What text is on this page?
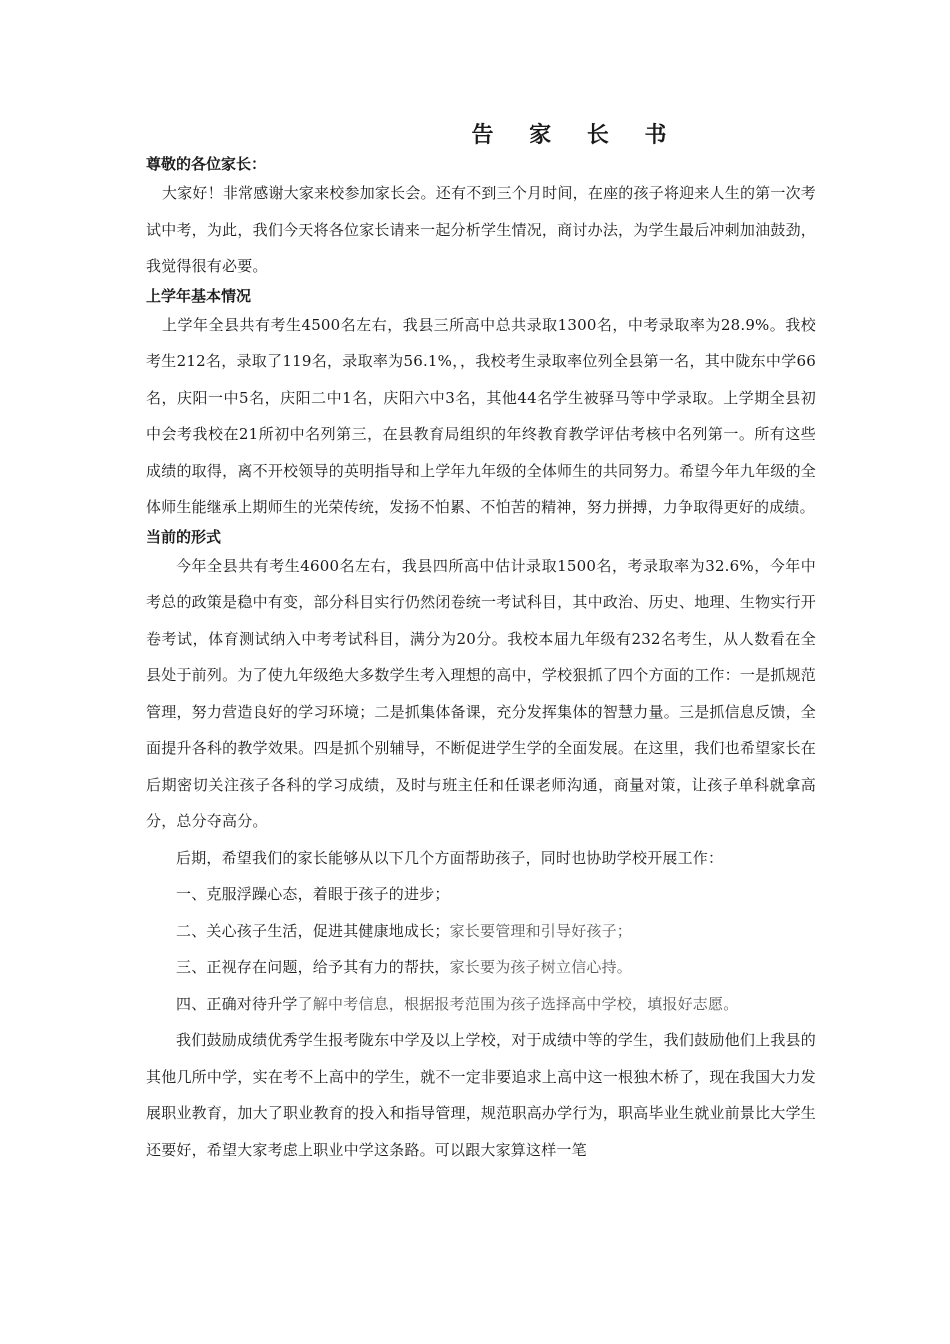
告 家 长 书

尊敬的各位家长：

大家好！非常感谢大家来校参加家长会。还有不到三个月时间，在座的孩子将迎来人生的第一次考试中考，为此，我们今天将各位家长请来一起分析学生情况，商讨办法，为学生最后冲刺加油鼓劲，我觉得很有必要。

上学年基本情况

上学年全县共有考生4500名左右，我县三所高中总共录取1300名，中考录取率为28.9%。我校考生212名，录取了119名，录取率为56.1%，，我校考生录取率位列全县第一名，其中陇东中学66名，庆阳一中5名，庆阳二中1名，庆阳六中3名，其他44名学生被驿马等中学录取。上学期全县初中会考我校在21所初中名列第三，在县教育局组织的年终教育教学评估考核中名列第一。所有这些成绩的取得，离不开校领导的英明指导和上学年九年级的全体师生的共同努力。希望今年九年级的全体师生能继承上期师生的光荣传统，发扬不怕累、不怕苦的精神，努力拼搏，力争取得更好的成绩。

当前的形式

今年全县共有考生4600名左右，我县四所高中估计录取1500名，考录取率为32.6%，今年中考总的政策是稳中有变，部分科目实行仍然闭卷统一考试科目，其中政治、历史、地理、生物实行开卷考试，体育测试纳入中考考试科目，满分为20分。我校本届九年级有232名考生，从人数看在全县处于前列。为了使九年级绝大多数学生考入理想的高中，学校狠抓了四个方面的工作：一是抓规范管理，努力营造良好的学习环境；二是抓集体备课，充分发挥集体的智慧力量。三是抓信息反馈，全面提升各科的教学效果。四是抓个别辅导，不断促进学生学的全面发展。在这里，我们也希望家长在后期密切关注孩子各科的学习成绩，及时与班主任和任课老师沟通，商量对策，让孩子单科就拿高分，总分夺高分。

后期，希望我们的家长能够从以下几个方面帮助孩子，同时也协助学校开展工作：

一、克服浮躁心态，着眼于孩子的进步；

二、关心孩子生活，促进其健康地成长；家长要管理和引导好孩子；

三、正视存在问题，给予其有力的帮扶，家长要为孩子树立信心持。

四、正确对待升学了解中考信息，根据报考范围为孩子选择高中学校，填报好志愿。

我们鼓励成绩优秀学生报考陇东中学及以上学校，对于成绩中等的学生，我们鼓励他们上我县的其他几所中学，实在考不上高中的学生，就不一定非要追求上高中这一根独木桥了，现在我国大力发展职业教育，加大了职业教育的投入和指导管理，规范职高办学行为，职高毕业生就业前景比大学生还要好，希望大家考虑上职业中学这条路。可以跟大家算这样一笔
